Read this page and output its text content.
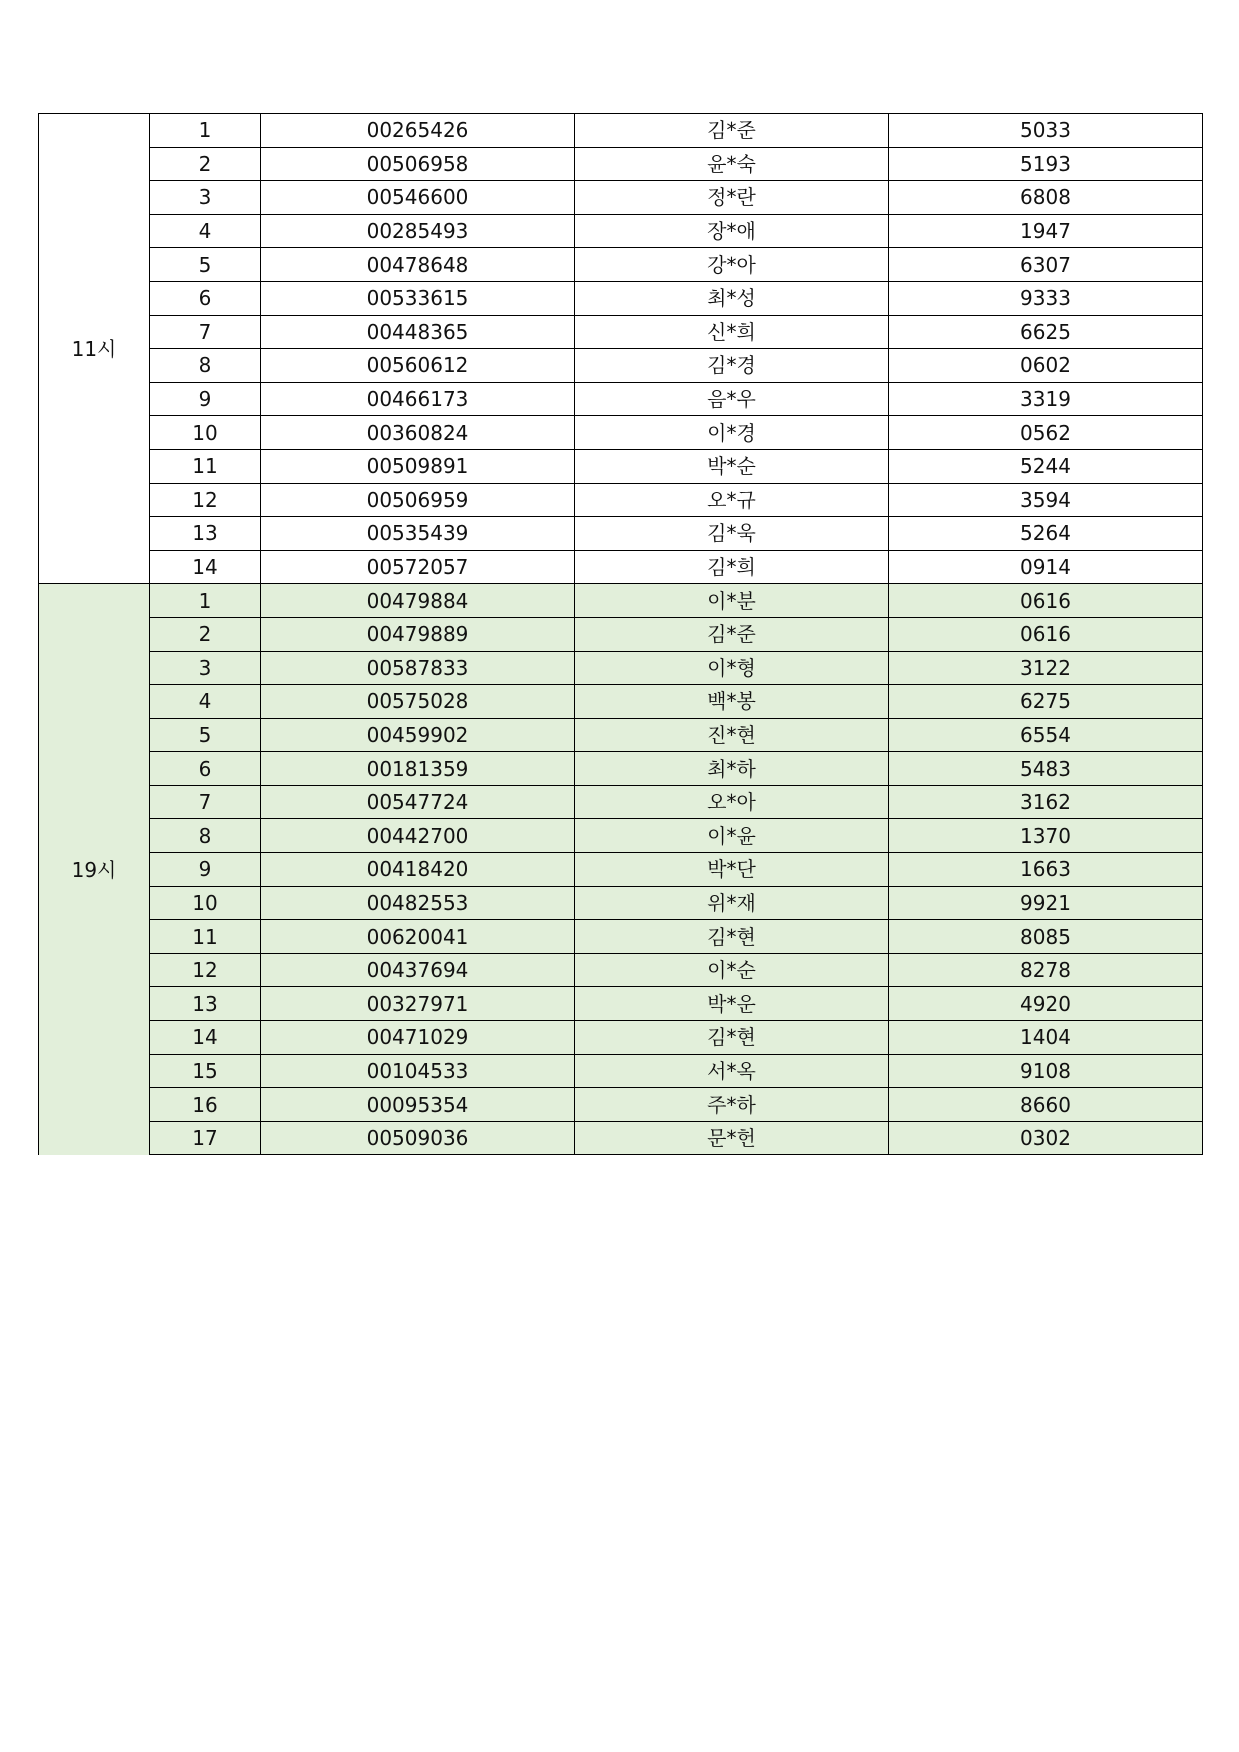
11시	1	00265426	김*준	5033
	2	00506958	윤*숙	5193
	3	00546600	정*란	6808
	4	00285493	장*애	1947
	5	00478648	강*아	6307
	6	00533615	최*성	9333
	7	00448365	신*희	6625
	8	00560612	김*경	0602
	9	00466173	음*우	3319
	10	00360824	이*경	0562
	11	00509891	박*순	5244
	12	00506959	오*규	3594
	13	00535439	김*욱	5264
	14	00572057	김*희	0914
19시	1	00479884	이*분	0616
	2	00479889	김*준	0616
	3	00587833	이*형	3122
	4	00575028	백*봉	6275
	5	00459902	진*현	6554
	6	00181359	최*하	5483
	7	00547724	오*아	3162
	8	00442700	이*윤	1370
	9	00418420	박*단	1663
	10	00482553	위*재	9921
	11	00620041	김*현	8085
	12	00437694	이*순	8278
	13	00327971	박*운	4920
	14	00471029	김*현	1404
	15	00104533	서*옥	9108
	16	00095354	주*하	8660
	17	00509036	문*헌	0302
